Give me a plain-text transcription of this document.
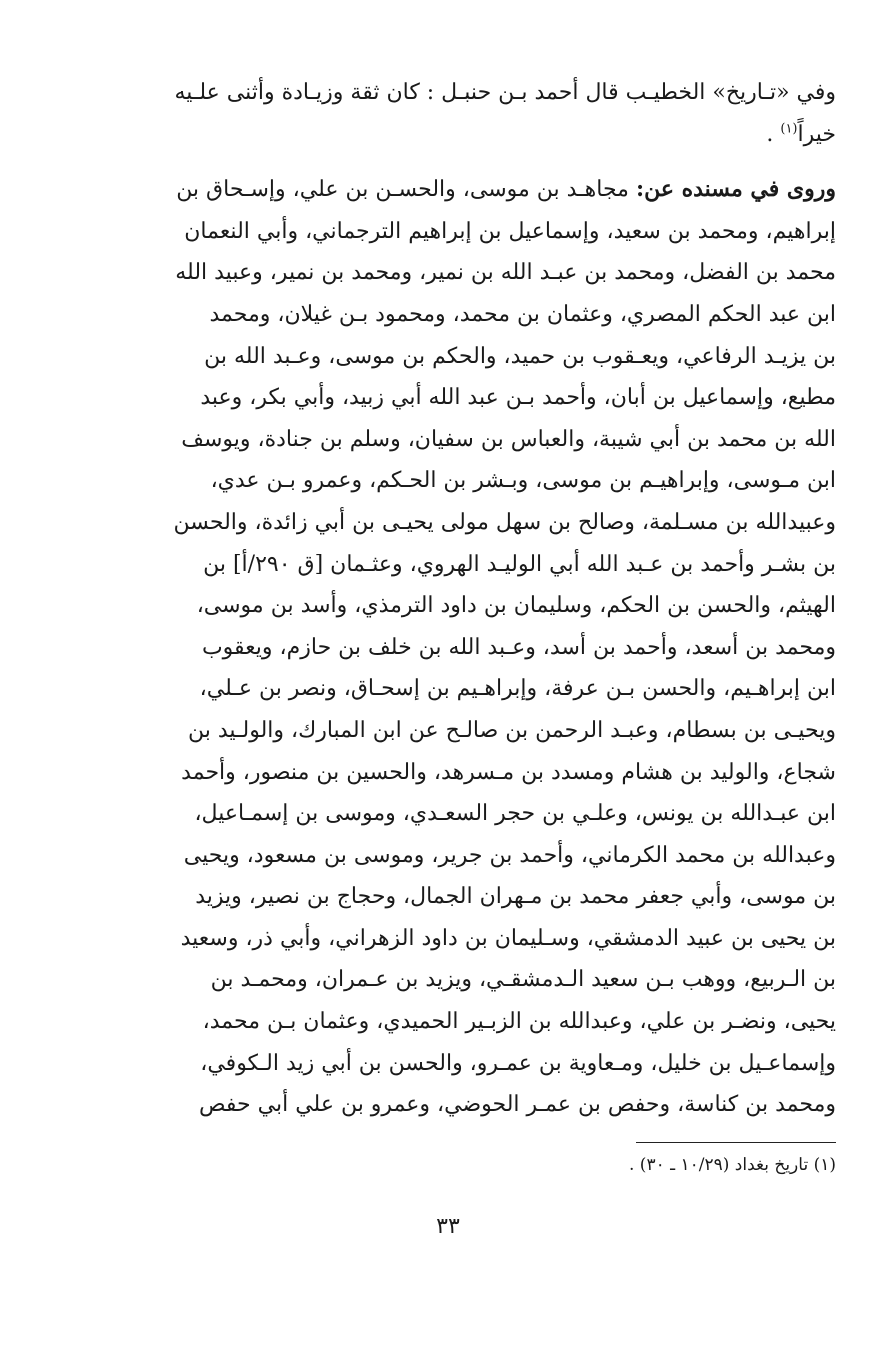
وفي «تـاريخ» الخطيـب قال أحمد بـن حنبـل : كان ثقة وزيـادة وأثنى علـيه
خيراً$^{(١)}$ .

وروى في مسنده عن: مجاهـد بن موسى، والحسـن بن علي، وإسـحاق بن
إبراهيم، ومحمد بن سعيد، وإسماعيل بن إبراهيم الترجماني، وأبي النعمان
محمد بن الفضل، ومحمد بن عبـد الله بن نمير، ومحمد بن نمير، وعبيد الله
ابن عبد الحكم المصري، وعثمان بن محمد، ومحمود بـن غيلان، ومحمد
بن يزيـد الرفاعي، ويعـقوب بن حميد، والحكم بن موسى، وعـبد الله بن
مطيع، وإسماعيل بن أبان، وأحمد بـن عبد الله أبي زبيد، وأبي بكر، وعبد
الله بن محمد بن أبي شيبة، والعباس بن سفيان، وسلم بن جنادة، ويوسف
ابن مـوسى، وإبراهيـم بن موسى، وبـشر بن الحـكم، وعمرو بـن عدي،
وعبيدالله بن مسـلمة، وصالح بن سهل مولى يحيـى بن أبي زائدة، والحسن
بن بشـر وأحمد بن عـبد الله أبي الوليـد الهروي، وعثـمان [ق ٢٩٠/أ] بن
الهيثم، والحسن بن الحكم، وسليمان بن داود الترمذي، وأسد بن موسى،
ومحمد بن أسعد، وأحمد بن أسد، وعـبد الله بن خلف بن حازم، ويعقوب
ابن إبراهـيم، والحسن بـن عرفة، وإبراهـيم بن إسحـاق، ونصر بن عـلي،
ويحيـى بن بسطام، وعبـد الرحمن بن صالـح عن ابن المبارك، والولـيد بن
شجاع، والوليد بن هشام ومسدد بن مـسرهد، والحسين بن منصور، وأحمد
ابن عبـدالله بن يونس، وعلـي بن حجر السعـدي، وموسى بن إسمـاعيل،
وعبدالله بن محمد الكرماني، وأحمد بن جرير، وموسى بن مسعود، ويحيى
بن موسى، وأبي جعفر محمد بن مـهران الجمال، وحجاج بن نصير، ويزيد
بن يحيى بن عبيد الدمشقي، وسـليمان بن داود الزهراني، وأبي ذر، وسعيد
بن الـربيع، ووهب بـن سعيد الـدمشقـي، ويزيد بن عـمران، ومحمـد بن
يحيى، ونضـر بن علي، وعبدالله بن الزبـير الحميدي، وعثمان بـن محمد،
وإسماعـيل بن خليل، ومـعاوية بن عمـرو، والحسن بن أبي زيد الـكوفي،
ومحمد بن كناسة، وحفص بن عمـر الحوضي، وعمرو بن علي أبي حفص

(١) تاريخ بغداد (١٠/٢٩ ـ ٣٠) .
٣٣
